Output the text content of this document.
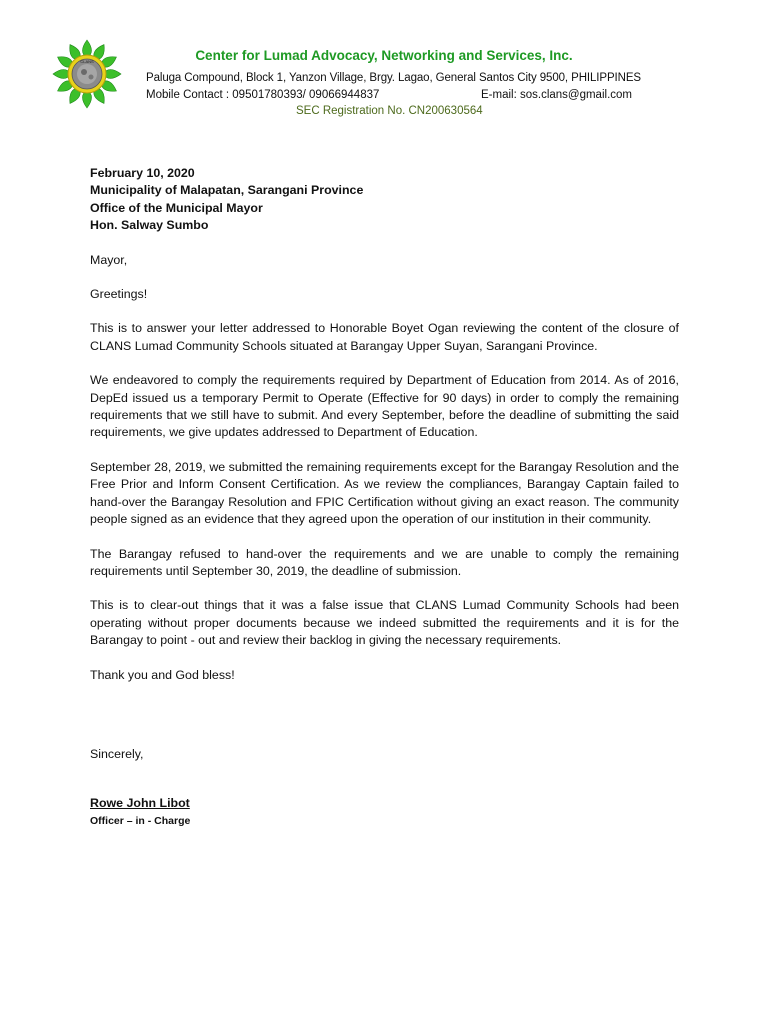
CLANS	Center for Lumad Advocacy, Networking and Services, Inc.
Paluga Compound, Block 1, Yanzon Village, Brgy. Lagao, General Santos City 9500, PHILIPPINES
Mobile Contact : 09501780393/ 09066944837	E-mail: sos.clans@gmail.com
SEC Registration No. CN200630564

February 10, 2020

Municipality of Malapatan, Sarangani Province

Office of the Municipal Mayor

Hon. Salway Sumbo

Mayor,

Greetings!

This is to answer your letter addressed to Honorable Boyet Ogan reviewing the content of the closure of CLANS Lumad Community Schools situated at Barangay Upper Suyan, Sarangani Province.

We endeavored to comply the requirements required by Department of Education from 2014. As of 2016, DepEd issued us a temporary Permit to Operate (Effective for 90 days) in order to comply the remaining requirements that we still have to submit. And every September, before the deadline of submitting the said requirements, we give updates addressed to Department of Education.

September 28, 2019, we submitted the remaining requirements except for the Barangay Resolution and the Free Prior and Inform Consent Certification. As we review the compliances, Barangay Captain failed to hand-over the Barangay Resolution and FPIC Certification without giving an exact reason. The community people signed as an evidence that they agreed upon the operation of our institution in their community.

The Barangay refused to hand-over the requirements and we are unable to comply the remaining requirements until September 30, 2019, the deadline of submission.

This is to clear-out things that it was a false issue that CLANS Lumad Community Schools had been operating without proper documents because we indeed submitted the requirements and it is for the Barangay to point - out and review their backlog in giving the necessary requirements.

Thank you and God bless!

Sincerely,

Rowe John Libot

Officer – in - Charge
